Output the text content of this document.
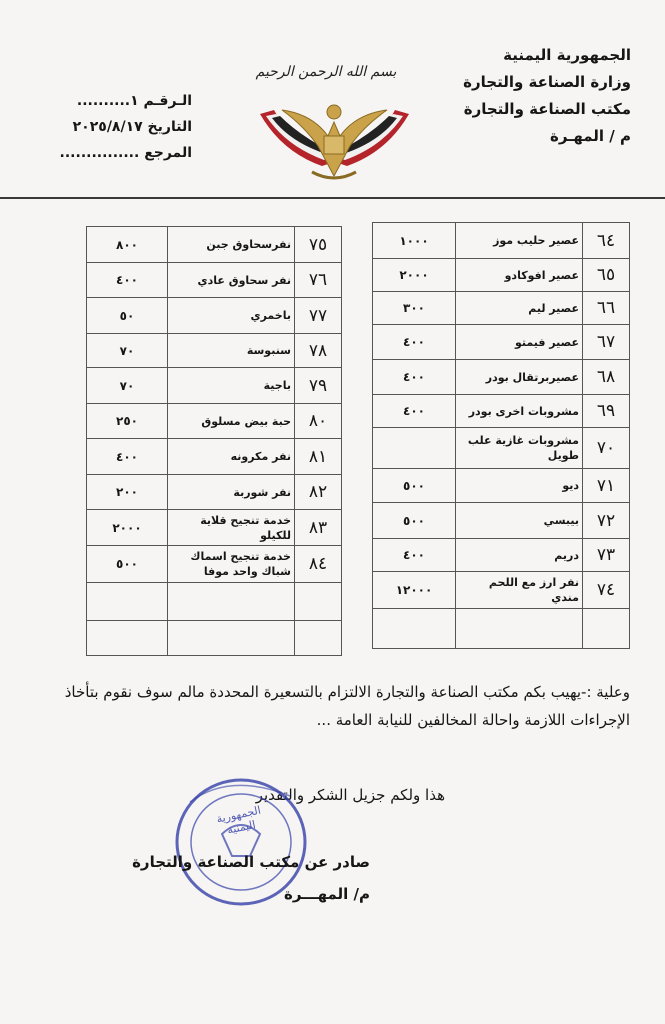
الجمهورية اليمنية
وزارة الصناعة والتجارة
مكتب الصناعة والتجارة
م / المهـرة
بسم الله الرحمن الرحيم
الـرقـم ١..........
التاريخ ٢٠٢٥/٨/١٧
المرجع ...............
٦٤	عصير حليب موز	١٠٠٠
٦٥	عصير افوكادو	٢٠٠٠
٦٦	عصير ليم	٣٠٠
٦٧	عصير فيمتو	٤٠٠
٦٨	عصيربرتقال بودر	٤٠٠
٦٩	مشروبات اخرى بودر	٤٠٠
٧٠	مشروبات غازية علب طويل	
٧١	ديو	٥٠٠
٧٢	بيبسي	٥٠٠
٧٣	دريم	٤٠٠
٧٤	نفر ارز مع اللحم مندي	١٢٠٠٠

٧٥	نفرسحاوق جبن	٨٠٠
٧٦	نفر سحاوق عادي	٤٠٠
٧٧	باخمري	٥٠
٧٨	سنبوسة	٧٠
٧٩	باجية	٧٠
٨٠	حبة بيض مسلوق	٢٥٠
٨١	نفر مكرونه	٤٠٠
٨٢	نفر شوربة	٢٠٠
٨٣	خدمة تنجيح قلاية للكيلو	٢٠٠٠
٨٤	خدمة تنجيح اسماك شباك واحد موفا	٥٠٠

وعلية :-يهيب بكم مكتب الصناعة والتجارة الالتزام بالتسعيرة المحددة مالم سوف نقوم بتأخاذ الإجراءات اللازمة واحالة المخالفين للنيابة العامة ...
هذا ولكم جزيل الشكر والتقدير
الجمهورية اليمنية
صادر عن مكتب الصناعة والتجارة
م/ المهـــرة
